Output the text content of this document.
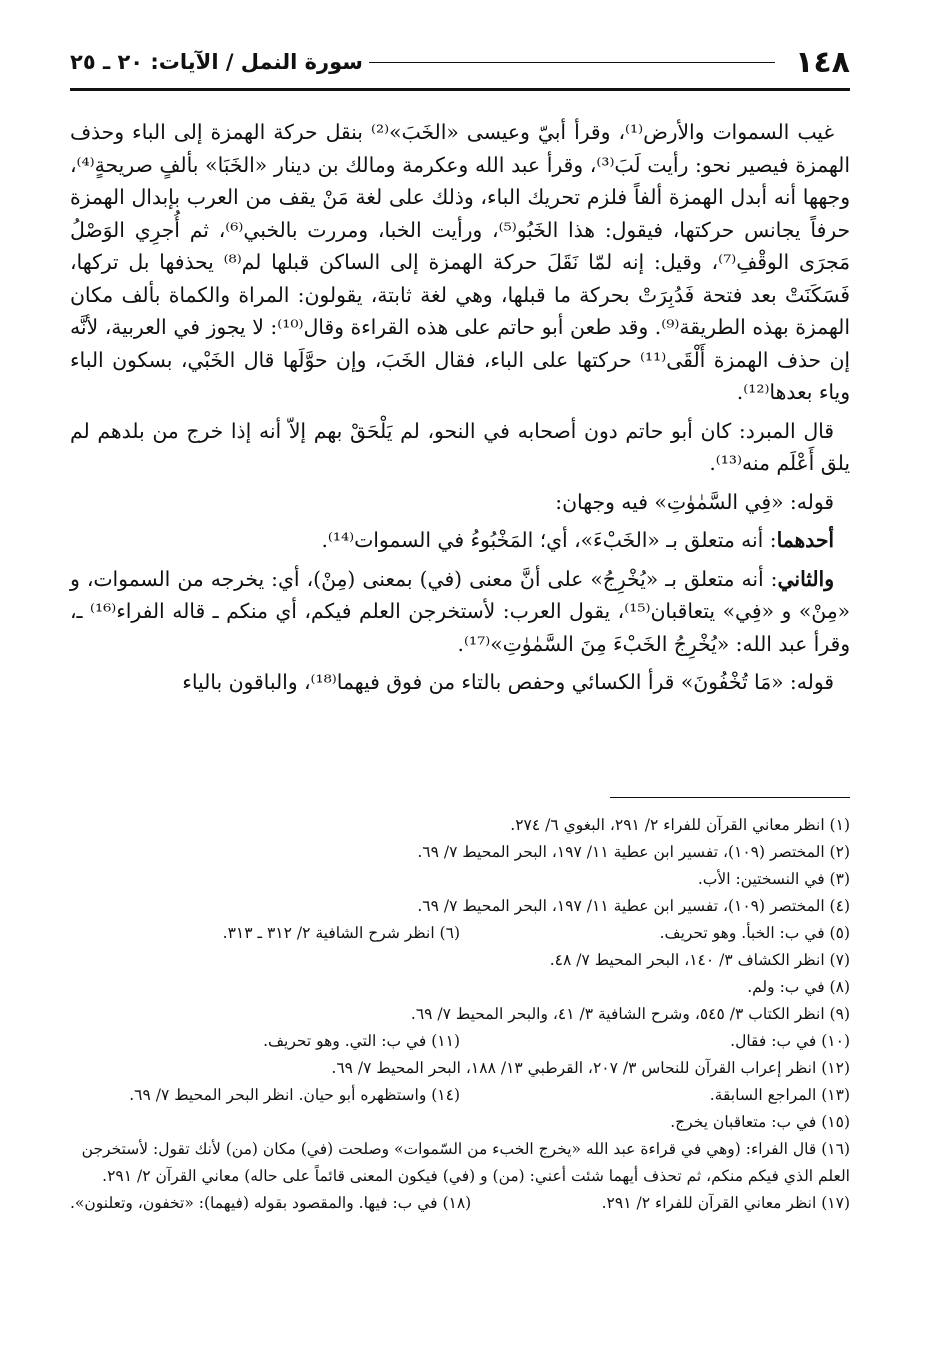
١٤٨
سورة النمل / الآيات: ٢٠ ـ ٢٥

غيب السموات والأرض⁽¹⁾، وقرأ أبيّ وعيسى «الخَبَ»⁽²⁾ بنقل حركة الهمزة إلى الباء وحذف الهمزة فيصير نحو: رأيت لَبَ⁽³⁾، وقرأ عبد الله وعكرمة ومالك بن دينار «الخَبَا» بألفٍ صريحةٍ⁽⁴⁾، وجهها أنه أبدل الهمزة ألفاً فلزم تحريك الباء، وذلك على لغة مَنْ يقف من العرب بإبدال الهمزة حرفاً يجانس حركتها، فيقول: هذا الخَبُو⁽⁵⁾، ورأيت الخبا، ومررت بالخبي⁽⁶⁾، ثم أُجرِي الوَصْلُ مَجرَى الوقْفِ⁽⁷⁾، وقيل: إنه لمّا نَقَلَ حركة الهمزة إلى الساكن قبلها لم⁽⁸⁾ يحذفها بل تركها، فَسَكَنَتْ بعد فتحة فَدُبِرَتْ بحركة ما قبلها، وهي لغة ثابتة، يقولون: المراة والكماة بألف مكان الهمزة بهذه الطريقة⁽⁹⁾. وقد طعن أبو حاتم على هذه القراءة وقال⁽¹⁰⁾: لا يجوز في العربية، لأنَّه إن حذف الهمزة أَلْقَى⁽¹¹⁾ حركتها على الباء، فقال الخَبَ، وإن حوَّلَها قال الخَبْي، بسكون الباء وياء بعدها⁽¹²⁾.

قال المبرد: كان أبو حاتم دون أصحابه في النحو، لم يَلْحَقْ بهم إلاّ أنه إذا خرج من بلدهم لم يلق أَعْلَم منه⁽¹³⁾.

قوله: «فِي السَّمٰوٰتِ» فيه وجهان:

أحدهما: أنه متعلق بـ «الخَبْءَ»، أي؛ المَخْبُوءُ في السموات⁽¹⁴⁾.

والثاني: أنه متعلق بـ «يُخْرِجُ» على أنَّ معنى (في) بمعنى (مِنْ)، أي: يخرجه من السموات، و «مِنْ» و «فِي» يتعاقبان⁽¹⁵⁾، يقول العرب: لأستخرجن العلم فيكم، أي منكم ـ قاله الفراء⁽¹⁶⁾ ـ، وقرأ عبد الله: «يُخْرِجُ الخَبْءَ مِنَ السَّمٰوٰتِ»⁽¹⁷⁾.

قوله: «مَا تُخْفُونَ» قرأ الكسائي وحفص بالتاء من فوق فيهما⁽¹⁸⁾، والباقون بالياء

(١) انظر معاني القرآن للفراء ٢/ ٢٩١، البغوي ٦/ ٢٧٤.
(٢) المختصر (١٠٩)، تفسير ابن عطية ١١/ ١٩٧، البحر المحيط ٧/ ٦٩.
(٣) في النسختين: الأب.
(٤) المختصر (١٠٩)، تفسير ابن عطية ١١/ ١٩٧، البحر المحيط ٧/ ٦٩.
(٥) في ب: الخبأ. وهو تحريف.
(٦) انظر شرح الشافية ٢/ ٣١٢ ـ ٣١٣.
(٧) انظر الكشاف ٣/ ١٤٠، البحر المحيط ٧/ ٤٨.
(٨) في ب: ولم.
(٩) انظر الكتاب ٣/ ٥٤٥، وشرح الشافية ٣/ ٤١، والبحر المحيط ٧/ ٦٩.
(١٠) في ب: فقال.
(١١) في ب: التي. وهو تحريف.
(١٢) انظر إعراب القرآن للنحاس ٣/ ٢٠٧، القرطبي ١٣/ ١٨٨، البحر المحيط ٧/ ٦٩.
(١٣) المراجع السابقة.
(١٤) واستظهره أبو حيان. انظر البحر المحيط ٧/ ٦٩.
(١٥) في ب: متعاقبان يخرج.
(١٦) قال الفراء: (وهي في قراءة عبد الله «يخرج الخبء من السّموات» وصلحت (في) مكان (من) لأنك تقول: لأستخرجن العلم الذي فيكم منكم، ثم تحذف أيهما شئت أعني: (من) و (في) فيكون المعنى قائماً على حاله) معاني القرآن ٢/ ٢٩١.
(١٧) انظر معاني القرآن للفراء ٢/ ٢٩١.
(١٨) في ب: فيها. والمقصود بقوله (فيهما): «تخفون، وتعلنون».
